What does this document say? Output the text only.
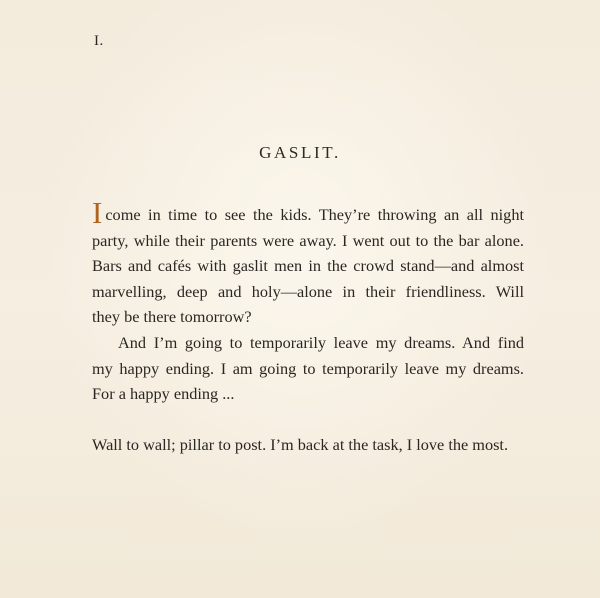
I.
GASLIT.
Icome in time to see the kids. They’re throwing an all night
party, while their parents were away. I went out to the bar alone.
Bars and cafés with gaslit men in the crowd stand—and almost
marvelling, deep and holy—alone in their friendliness. Will
they be there tomorrow?
And I’m going to temporarily leave my dreams. And find
my happy ending. I am going to temporarily leave my dreams.
For a happy ending ...
Wall to wall; pillar to post. I’m back at the task, I love the most.
